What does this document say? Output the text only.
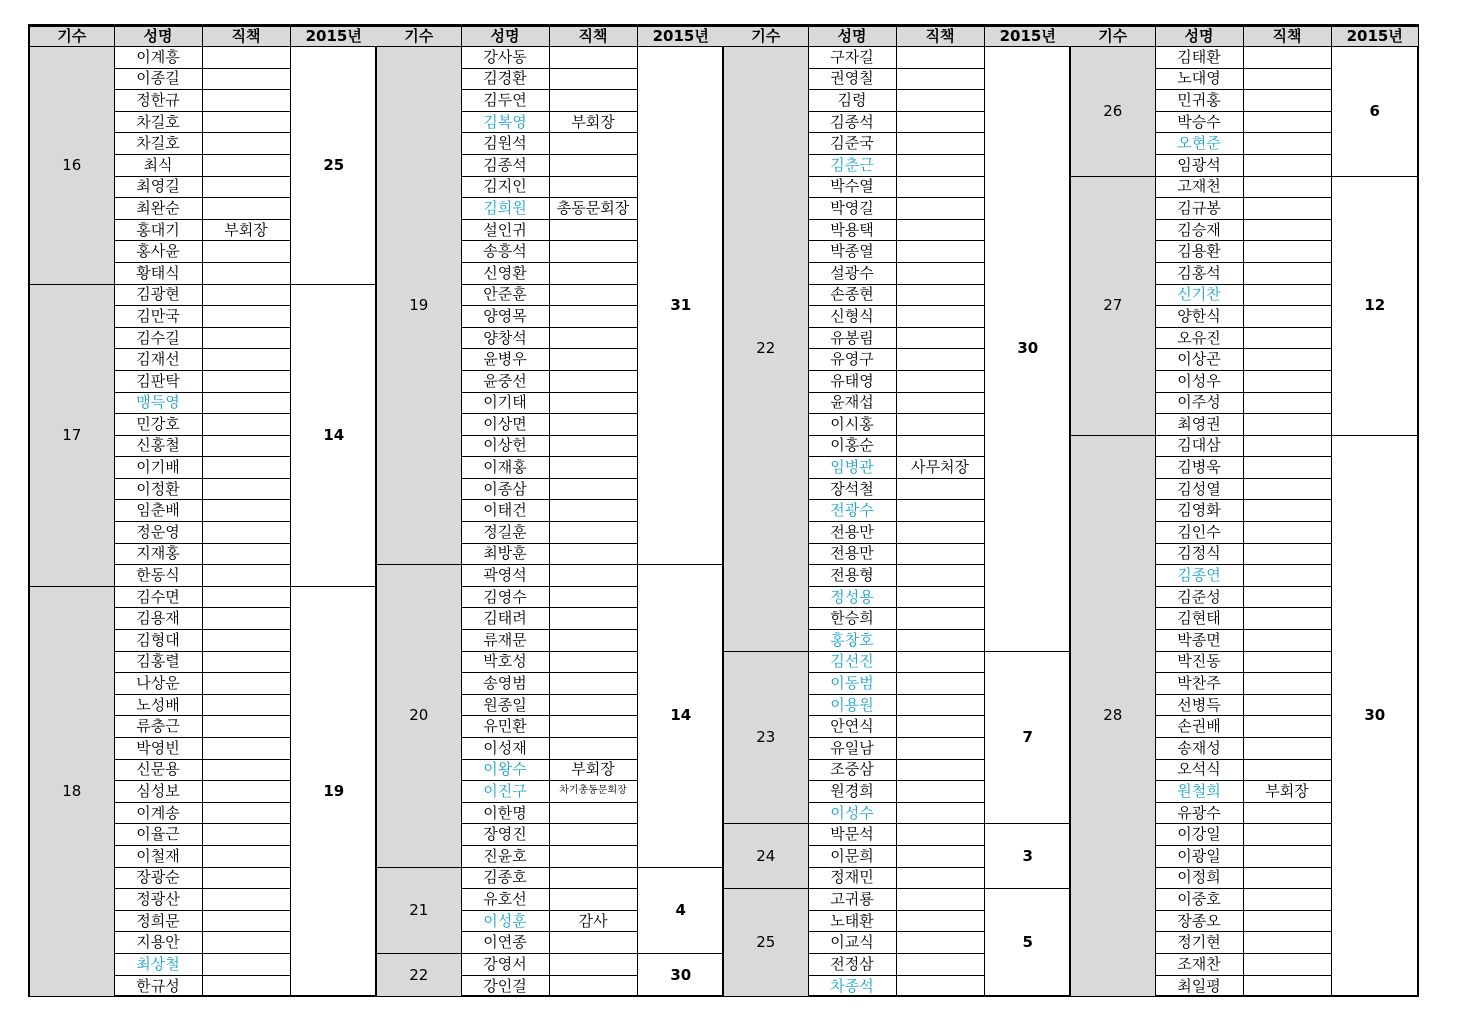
기수	성명	직책	2015년
16	이계흥		25
	이종길		
	정한규		
	차길호		
	차길호		
	최식		
	최영길		
	최완순		
	홍대기	부회장	
	홍사윤		
	황태식		
17	김광현		14
	김만국		
	김수길		
	김재선		
	김판탁		
	맹득영		
	민강호		
	신홍철		
	이기배		
	이정환		
	임춘배		
	정운영		
	지재홍		
	한동식		
18	김수면		19
	김용재		
	김형대		
	김홍렬		
	나상운		
	노성배		
	류충근		
	박영빈		
	신문용		
	심성보		
	이계송		
	이율근		
	이철재		
	장광순		
	정광산		
	정희문		
	지용안		
	최상철		
	한규성		
기수	성명	직책	2015년
19	강사동		31
	김경환		
	김두연		
	김복영	부회장	
	김원석		
	김종석		
	김지인		
	김희원	총동문회장	
	설인귀		
	송흥석		
	신영환		
	안준훈		
	양영목		
	양창석		
	윤병우		
	윤중선		
	이기태		
	이상면		
	이상헌		
	이재홍		
	이종삼		
	이태건		
	정길훈		
	최방훈		
20	곽영석		14
	김영수		
	김태려		
	류재문		
	박호성		
	송영범		
	원종일		
	유민환		
	이성재		
	이왕수	부회장	
	이진구	차기총동문회장	
	이한명		
	장영진		
	진윤호		
21	김종호		4
	유호선		
	이성훈	감사	
	이연종		
22	강영서		30
	강인걸		
기수	성명	직책	2015년
22	구자길		30
	권영칠		
	김령		
	김종석		
	김준국		
	김춘근		
	박수열		
	박영길		
	박용택		
	박종열		
	설광수		
	손종현		
	신형식		
	유봉림		
	유영구		
	유태영		
	윤재섭		
	이시홍		
	이홍순		
	임병관	사무처장	
	장석철		
	전광수		
	전용만		
	전용만		
	전용형		
	정성용		
	한승희		
	홍창호		
23	김선진		7
	이동범		
	이용원		
	안연식		
	유일남		
	조중삼		
	원경희		
	이성수		
24	박문석		3
	이문희		
	정재민		
25	고귀룡		5
	노태환		
	이교식		
	전정삼		
	차종석		
기수	성명	직책	2015년
26	김태환		6
	노대영		
	민귀홍		
	박승수		
	오현준		
	임광석		
27	고재천		12
	김규봉		
	김승재		
	김용환		
	김홍석		
	신기찬		
	양한식		
	오유진		
	이상곤		
	이성우		
	이주성		
	최영권		
28	김대삼		30
	김병욱		
	김성열		
	김영화		
	김인수		
	김정식		
	김종연		
	김준성		
	김현태		
	박종면		
	박진동		
	박찬주		
	선병득		
	손권배		
	송재성		
	오석식		
	원철희	부회장	
	유광수		
	이강일		
	이광일		
	이정희		
	이중호		
	장종오		
	정기현		
	조재찬		
	최일평		
